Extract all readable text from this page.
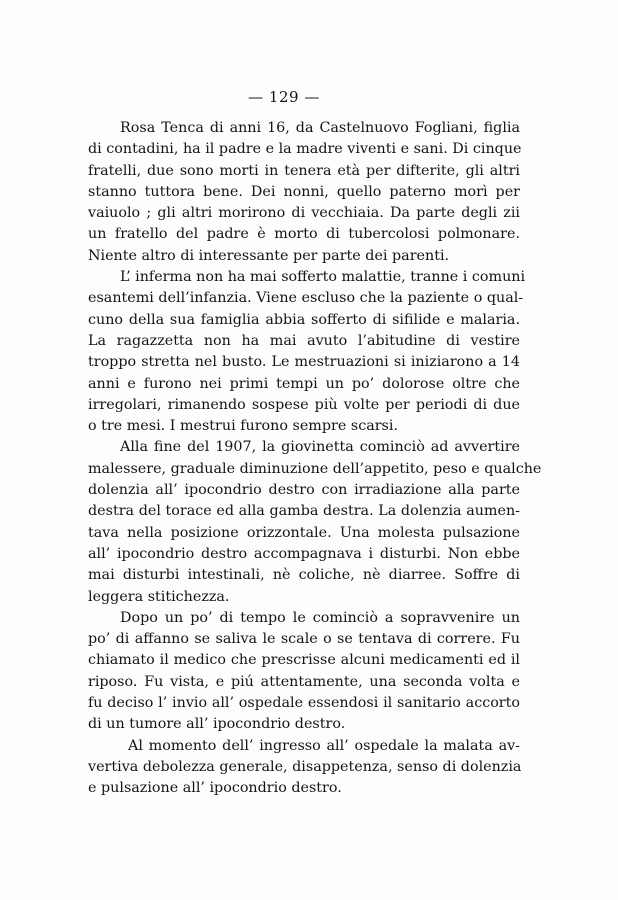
— 129 —
Rosa Tenca di anni 16, da Castelnuovo Fogliani, figlia
di contadini, ha il padre e la madre viventi e sani. Di cinque
fratelli, due sono morti in tenera età per difterite, gli altri
stanno tuttora bene. Dei nonni, quello paterno morì per
vaiuolo ; gli altri morirono di vecchiaia. Da parte degli zii
un fratello del padre è morto di tubercolosi polmonare.
Niente altro di interessante per parte dei parenti.
L’ inferma non ha mai sofferto malattie, tranne i comuni
esantemi dell’infanzia. Viene escluso che la paziente o qual-
cuno della sua famiglia abbia sofferto di sifilide e malaria.
La ragazzetta non ha mai avuto l’abitudine di vestire
troppo stretta nel busto. Le mestruazioni si iniziarono a 14
anni e furono nei primi tempi un po’ dolorose oltre che
irregolari, rimanendo sospese più volte per periodi di due
o tre mesi. I mestrui furono sempre scarsi.
Alla fine del 1907, la giovinetta cominciò ad avvertire
malessere, graduale diminuzione dell’appetito, peso e qualche
dolenzia all’ ipocondrio destro con irradiazione alla parte
destra del torace ed alla gamba destra. La dolenzia aumen-
tava nella posizione orizzontale. Una molesta pulsazione
all’ ipocondrio destro accompagnava i disturbi. Non ebbe
mai disturbi intestinali, nè coliche, nè diarree. Soffre di
leggera stitichezza.
Dopo un po’ di tempo le cominciò a sopravvenire un
po’ di affanno se saliva le scale o se tentava di correre. Fu
chiamato il medico che prescrisse alcuni medicamenti ed il
riposo. Fu vista, e piú attentamente, una seconda volta e
fu deciso l’ invio all’ ospedale essendosi il sanitario accorto
di un tumore all’ ipocondrio destro.
Al momento dell’ ingresso all’ ospedale la malata av-
vertiva debolezza generale, disappetenza, senso di dolenzia
e pulsazione all’ ipocondrio destro.
